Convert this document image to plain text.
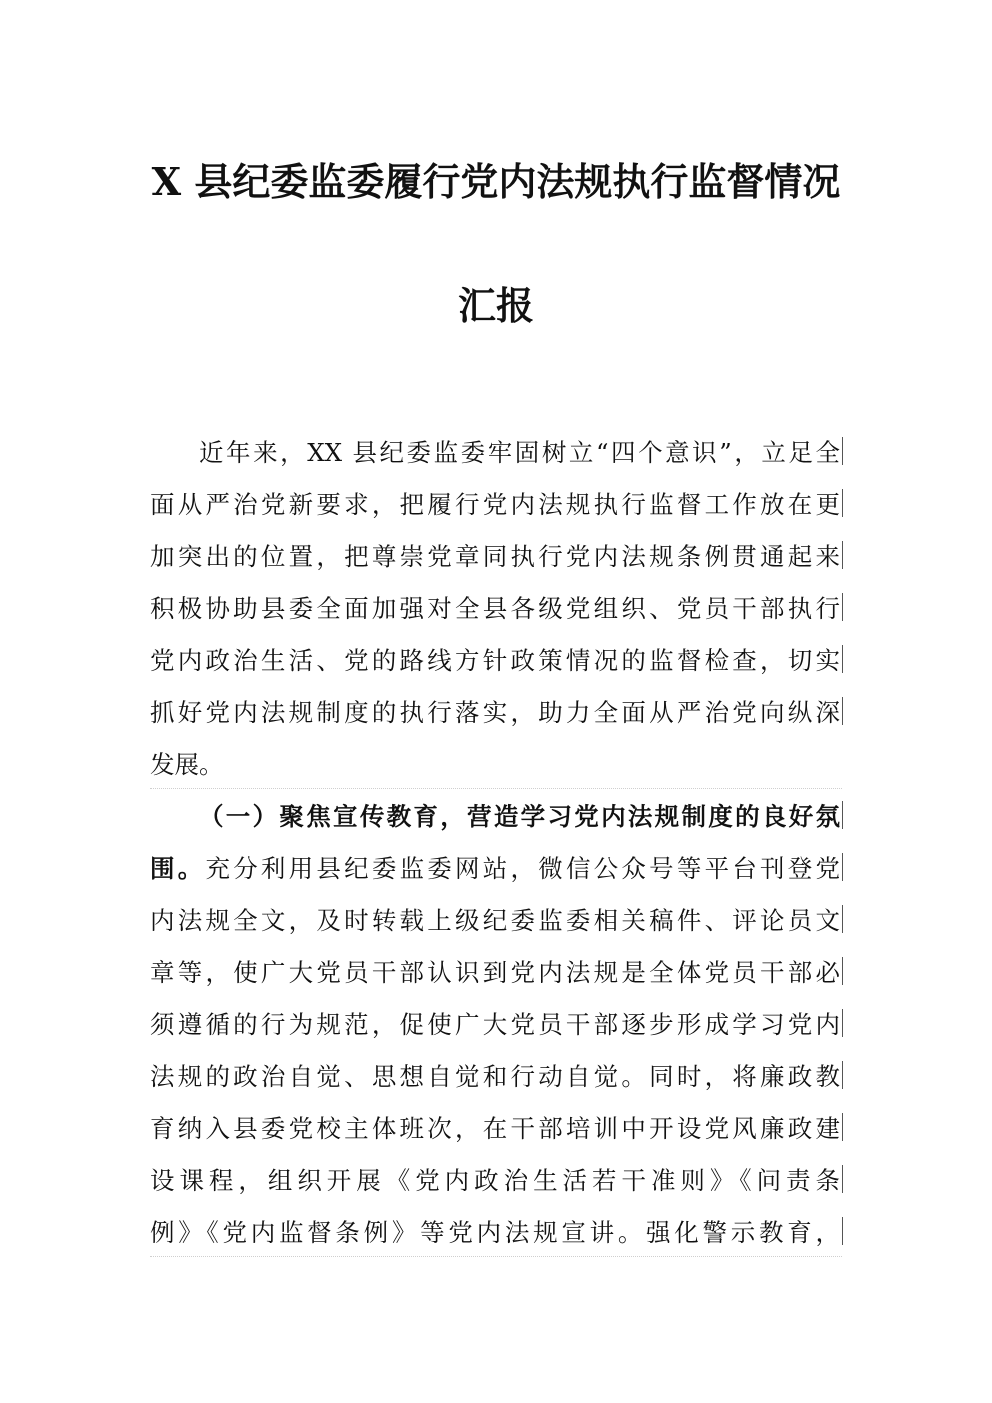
X 县纪委监委履行党内法规执行监督情况
汇报
近年来，XX 县纪委监委牢固树立“四个意识”，立足全
面从严治党新要求，把履行党内法规执行监督工作放在更
加突出的位置，把尊崇党章同执行党内法规条例贯通起来
积极协助县委全面加强对全县各级党组织、党员干部执行
党内政治生活、党的路线方针政策情况的监督检查，切实
抓好党内法规制度的执行落实，助力全面从严治党向纵深
发展。
（一）聚焦宣传教育，营造学习党内法规制度的良好氛
围。充分利用县纪委监委网站，微信公众号等平台刊登党
内法规全文，及时转载上级纪委监委相关稿件、评论员文
章等，使广大党员干部认识到党内法规是全体党员干部必
须遵循的行为规范，促使广大党员干部逐步形成学习党内
法规的政治自觉、思想自觉和行动自觉。同时，将廉政教
育纳入县委党校主体班次，在干部培训中开设党风廉政建
设课程，组织开展《党内政治生活若干准则》《问责条
例》《党内监督条例》等党内法规宣讲。强化警示教育，
